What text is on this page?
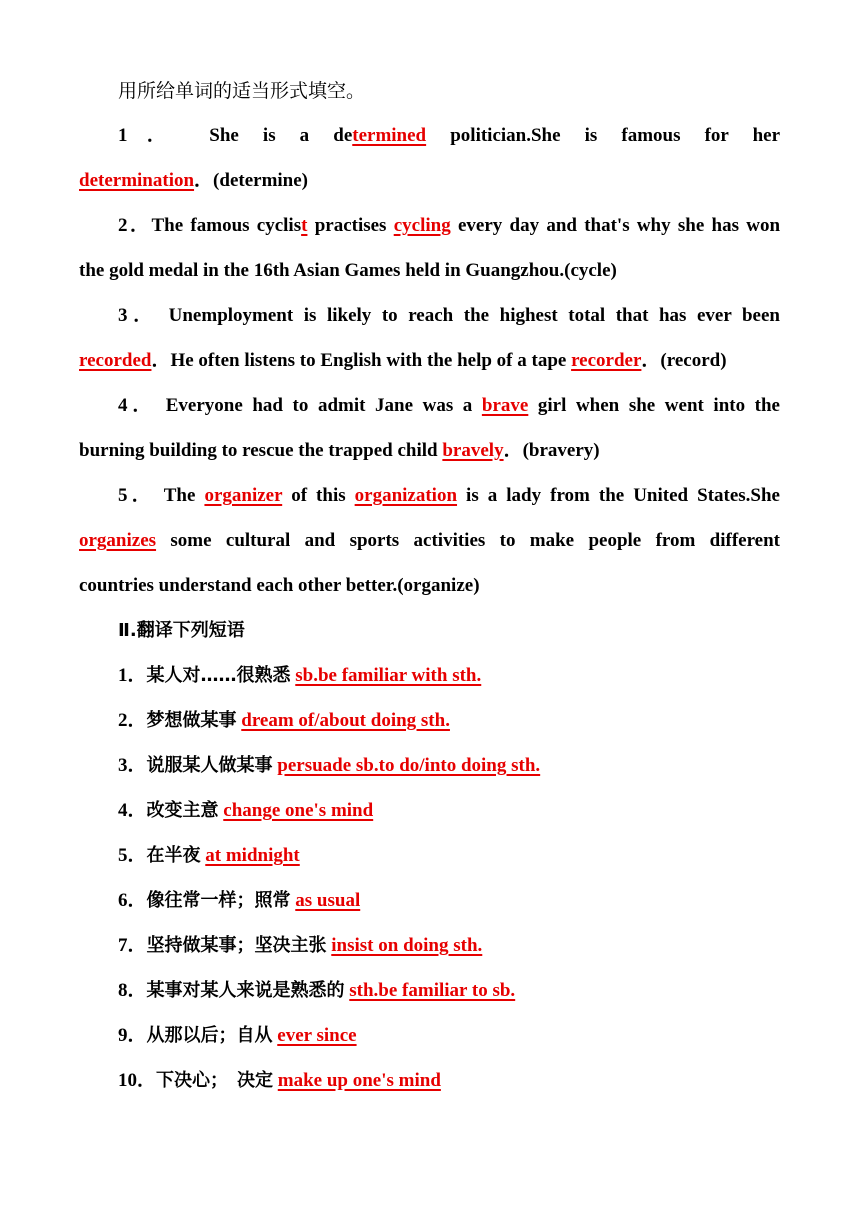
用所给单词的适当形式填空。
1． She is a determined politician.She is famous for her
determination．(determine)
2．The famous cyclist practises cycling every day and that's why she has won
the gold medal in the 16th Asian Games held in Guangzhou.(cycle)
3． Unemployment is likely to reach the highest total that has ever been
recorded．He often listens to English with the help of a tape recorder．(record)
4． Everyone had to admit Jane was a brave girl when she went into the
burning building to rescue the trapped child bravely．(bravery)
5． The organizer of this organization is a lady from the United States.She
organizes some cultural and sports activities to make people from different
countries understand each other better.(organize)
Ⅱ.翻译下列短语
1．某人对……很熟悉 sb.be familiar with sth.
2．梦想做某事 dream of/about doing sth.
3．说服某人做某事 persuade sb.to do/into doing sth.
4．改变主意 change one's mind
5．在半夜 at midnight
6．像往常一样；照常 as usual
7．坚持做某事；坚决主张 insist on doing sth.
8．某事对某人来说是熟悉的 sth.be familiar to sb.
9．从那以后；自从 ever since
10．下决心；　决定 make up one's mind
